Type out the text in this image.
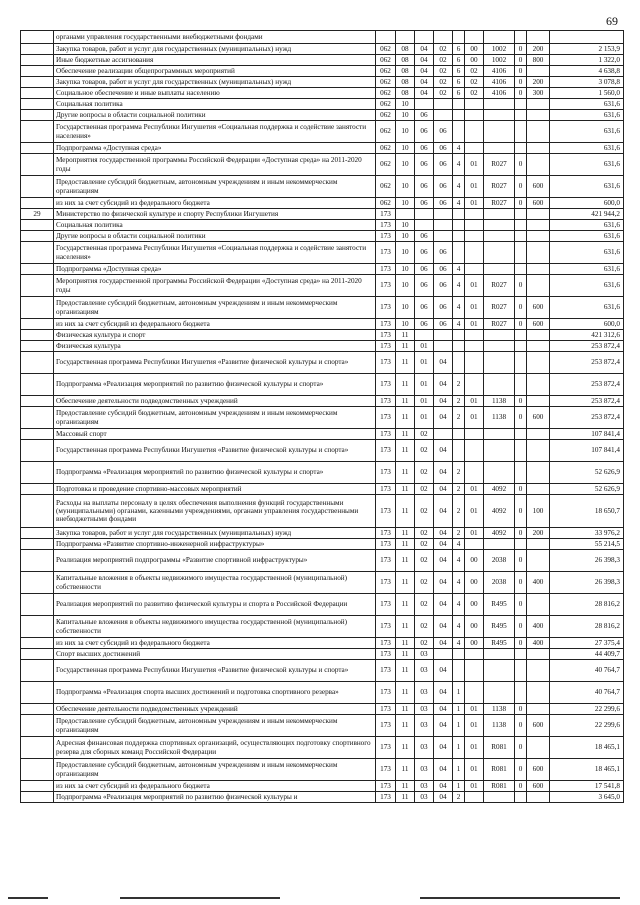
69
	органами управления государственными внебюджетными фондами										
	Закупка товаров, работ и услуг для государственных (муниципальных) нужд	062	08	04	02	6	00	1002	0	200	2 153,9
	Иные бюджетные ассигнования	062	08	04	02	6	00	1002	0	800	1 322,0
	Обеспечение реализации общепрограммных мероприятий	062	08	04	02	6	02	4106	0		4 638,8
	Закупка товаров, работ и услуг для государственных (муниципальных) нужд	062	08	04	02	6	02	4106	0	200	3 078,8
	Социальное обеспечение и иные выплаты населению	062	08	04	02	6	02	4106	0	300	1 560,0
	Социальная политика	062	10								631,6
	Другие вопросы в области социальной политики	062	10	06							631,6
	Государственная программа Республики Ингушетия «Социальная поддержка и содействие занятости населения»	062	10	06	06						631,6
	Подпрограмма «Доступная среда»	062	10	06	06	4					631,6
	Мероприятия государственной программы Российской Федерации «Доступная среда» на 2011-2020 годы	062	10	06	06	4	01	R027	0		631,6
	Предоставление субсидий бюджетным, автономным учреждениям и иным некоммерческим организациям	062	10	06	06	4	01	R027	0	600	631,6
	из них за счет субсидий из федерального бюджета	062	10	06	06	4	01	R027	0	600	600,0
29	Министерство по физической культуре и спорту Республики Ингушетия	173									421 944,2
	Социальная политика	173	10								631,6
	Другие вопросы в области социальной политики	173	10	06							631,6
	Государственная программа Республики Ингушетия «Социальная поддержка и содействие занятости населения»	173	10	06	06						631,6
	Подпрограмма «Доступная среда»	173	10	06	06	4					631,6
	Мероприятия государственной программы Российской Федерации «Доступная среда» на 2011-2020 годы	173	10	06	06	4	01	R027	0		631,6
	Предоставление субсидий бюджетным, автономным учреждениям и иным некоммерческим организациям	173	10	06	06	4	01	R027	0	600	631,6
	из них за счет субсидий из федерального бюджета	173	10	06	06	4	01	R027	0	600	600,0
	Физическая культура и спорт	173	11								421 312,6
	Физическая культура	173	11	01							253 872,4
	Государственная программа Республики Ингушетия «Развитие физической культуры и спорта»	173	11	01	04						253 872,4
	Подпрограмма «Реализация мероприятий по развитию физической культуры и спорта»	173	11	01	04	2					253 872,4
	Обеспечение деятельности подведомственных учреждений	173	11	01	04	2	01	1138	0		253 872,4
	Предоставление субсидий бюджетным, автономным учреждениям и иным некоммерческим организациям	173	11	01	04	2	01	1138	0	600	253 872,4
	Массовый спорт	173	11	02							107 841,4
	Государственная программа Республики Ингушетия «Развитие физической культуры и спорта»	173	11	02	04						107 841,4
	Подпрограмма «Реализация мероприятий по развитию физической культуры и спорта»	173	11	02	04	2					52 626,9
	Подготовка и проведение спортивно-массовых мероприятий	173	11	02	04	2	01	4092	0		52 626,9
	Расходы на выплаты персоналу в целях обеспечения выполнения функций государственными (муниципальными) органами, казенными учреждениями, органами управления государственными внебюджетными фондами	173	11	02	04	2	01	4092	0	100	18 650,7
	Закупка товаров, работ и услуг для государственных (муниципальных) нужд	173	11	02	04	2	01	4092	0	200	33 976,2
	Подпрограмма «Развитие спортивно-инженерной инфраструктуры»	173	11	02	04	4					55 214,5
	Реализация мероприятий подпрограммы «Развитие спортивной инфраструктуры»	173	11	02	04	4	00	2038	0		26 398,3
	Капитальные вложения в объекты недвижимого имущества государственной (муниципальной) собственности	173	11	02	04	4	00	2038	0	400	26 398,3
	Реализация мероприятий по развитию физической культуры и спорта в Российской Федерации	173	11	02	04	4	00	R495	0		28 816,2
	Капитальные вложения в объекты недвижимого имущества государственной (муниципальной) собственности	173	11	02	04	4	00	R495	0	400	28 816,2
	из них за счет субсидий из федерального бюджета	173	11	02	04	4	00	R495	0	400	27 375,4
	Спорт высших достижений	173	11	03							44 409,7
	Государственная программа Республики Ингушетия «Развитие физической культуры и спорта»	173	11	03	04						40 764,7
	Подпрограмма «Реализация спорта высших достижений и подготовка спортивного резерва»	173	11	03	04	1					40 764,7
	Обеспечение деятельности подведомственных учреждений	173	11	03	04	1	01	1138	0		22 299,6
	Предоставление субсидий бюджетным, автономным учреждениям и иным некоммерческим организациям	173	11	03	04	1	01	1138	0	600	22 299,6
	Адресная финансовая поддержка спортивных организаций, осуществляющих подготовку спортивного резерва для сборных команд Российской Федерации	173	11	03	04	1	01	R081	0		18 465,1
	Предоставление субсидий бюджетным, автономным учреждениям и иным некоммерческим организациям	173	11	03	04	1	01	R081	0	600	18 465,1
	из них за счет субсидий из федерального бюджета	173	11	03	04	1	01	R081	0	600	17 541,8
	Подпрограмма «Реализация мероприятий по развитию физической культуры и	173	11	03	04	2					3 645,0
